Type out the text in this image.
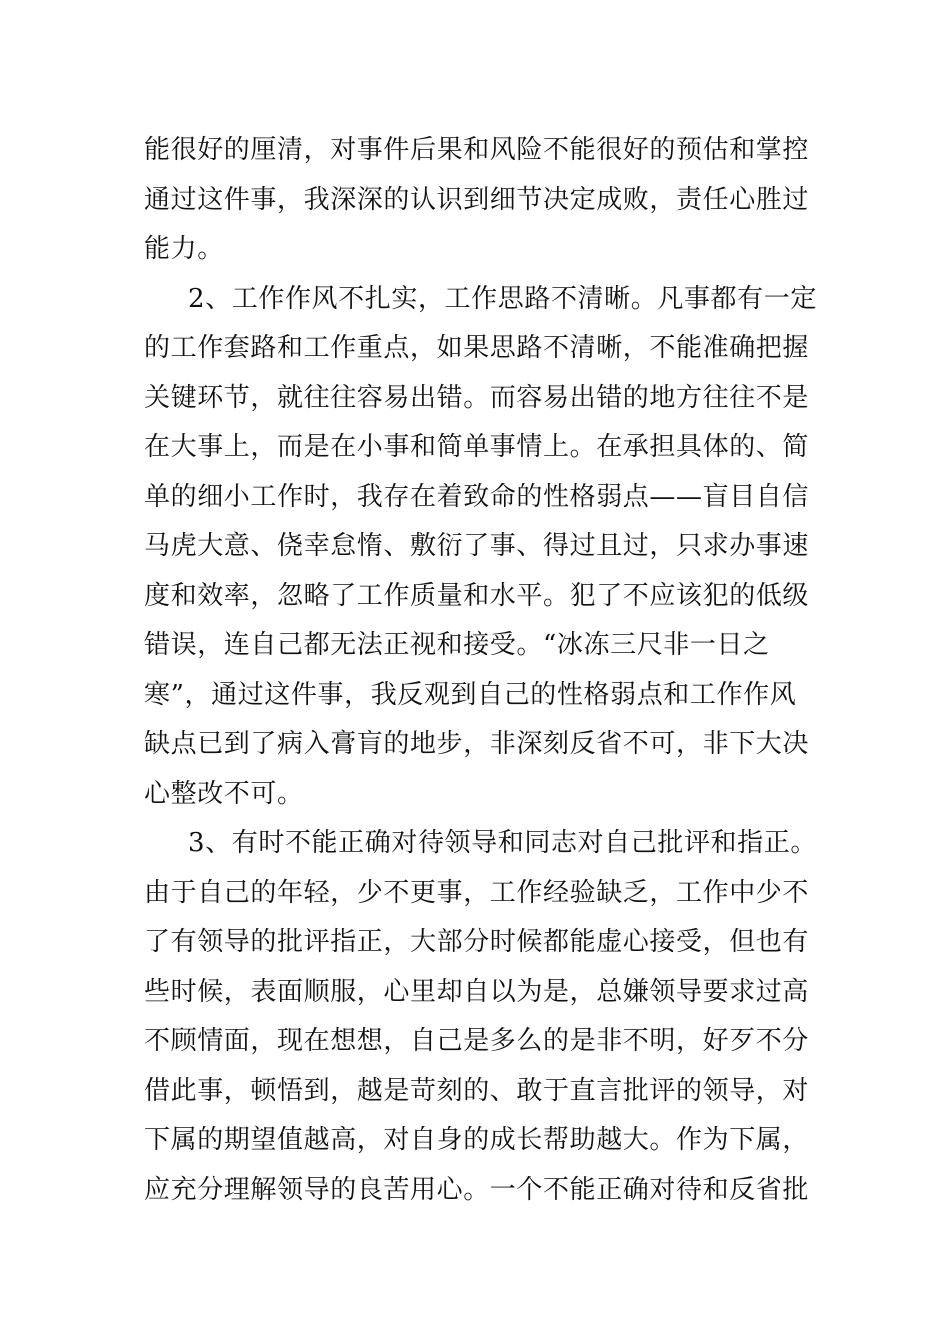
能很好的厘清，对事件后果和风险不能很好的预估和掌控
通过这件事，我深深的认识到细节决定成败，责任心胜过
能力。
2、工作作风不扎实，工作思路不清晰。凡事都有一定
的工作套路和工作重点，如果思路不清晰，不能准确把握
关键环节，就往往容易出错。而容易出错的地方往往不是
在大事上，而是在小事和简单事情上。在承担具体的、简
单的细小工作时，我存在着致命的性格弱点——盲目自信
马虎大意、侥幸怠惰、敷衍了事、得过且过，只求办事速
度和效率，忽略了工作质量和水平。犯了不应该犯的低级
错误，连自己都无法正视和接受。“冰冻三尺非一日之
寒”，通过这件事，我反观到自己的性格弱点和工作作风
缺点已到了病入膏肓的地步，非深刻反省不可，非下大决
心整改不可。
3、有时不能正确对待领导和同志对自己批评和指正。
由于自己的年轻，少不更事，工作经验缺乏，工作中少不
了有领导的批评指正，大部分时候都能虚心接受，但也有
些时候，表面顺服，心里却自以为是，总嫌领导要求过高
不顾情面，现在想想，自己是多么的是非不明，好歹不分
借此事，顿悟到，越是苛刻的、敢于直言批评的领导，对
下属的期望值越高，对自身的成长帮助越大。作为下属，
应充分理解领导的良苦用心。一个不能正确对待和反省批
